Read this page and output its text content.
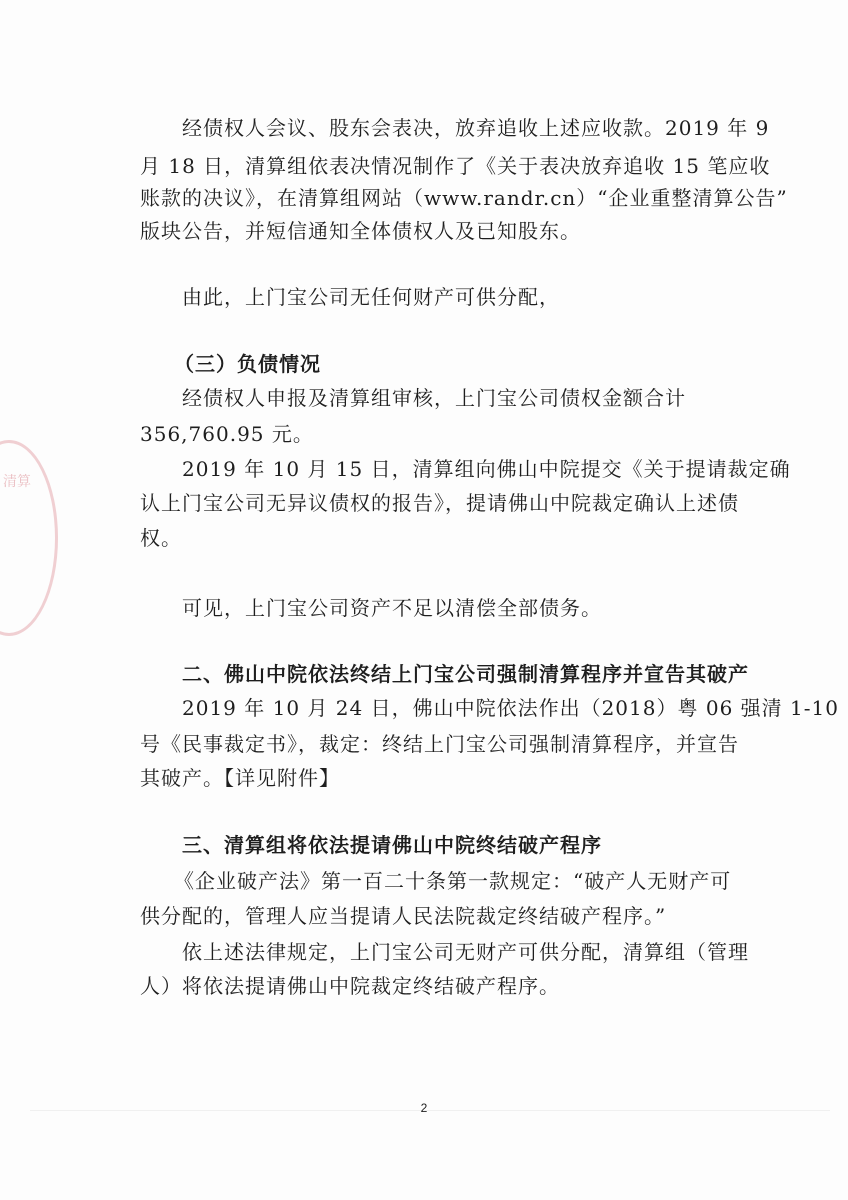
清算
经债权人会议、股东会表决，放弃追收上述应收款。2019 年 9
月 18 日，清算组依表决情况制作了《关于表决放弃追收 15 笔应收
账款的决议》，在清算组网站（www.randr.cn）“企业重整清算公告”
版块公告，并短信通知全体债权人及已知股东。
由此，上门宝公司无任何财产可供分配，
（三）负债情况
经债权人申报及清算组审核，上门宝公司债权金额合计
356,760.95 元。
2019 年 10 月 15 日，清算组向佛山中院提交《关于提请裁定确
认上门宝公司无异议债权的报告》，提请佛山中院裁定确认上述债
权。
可见，上门宝公司资产不足以清偿全部债务。
二、佛山中院依法终结上门宝公司强制清算程序并宣告其破产
2019 年 10 月 24 日，佛山中院依法作出（2018）粤 06 强清 1-10
号《民事裁定书》，裁定：终结上门宝公司强制清算程序，并宣告
其破产。【详见附件】
三、清算组将依法提请佛山中院终结破产程序
《企业破产法》第一百二十条第一款规定：“破产人无财产可
供分配的，管理人应当提请人民法院裁定终结破产程序。”
依上述法律规定，上门宝公司无财产可供分配，清算组（管理
人）将依法提请佛山中院裁定终结破产程序。
2
